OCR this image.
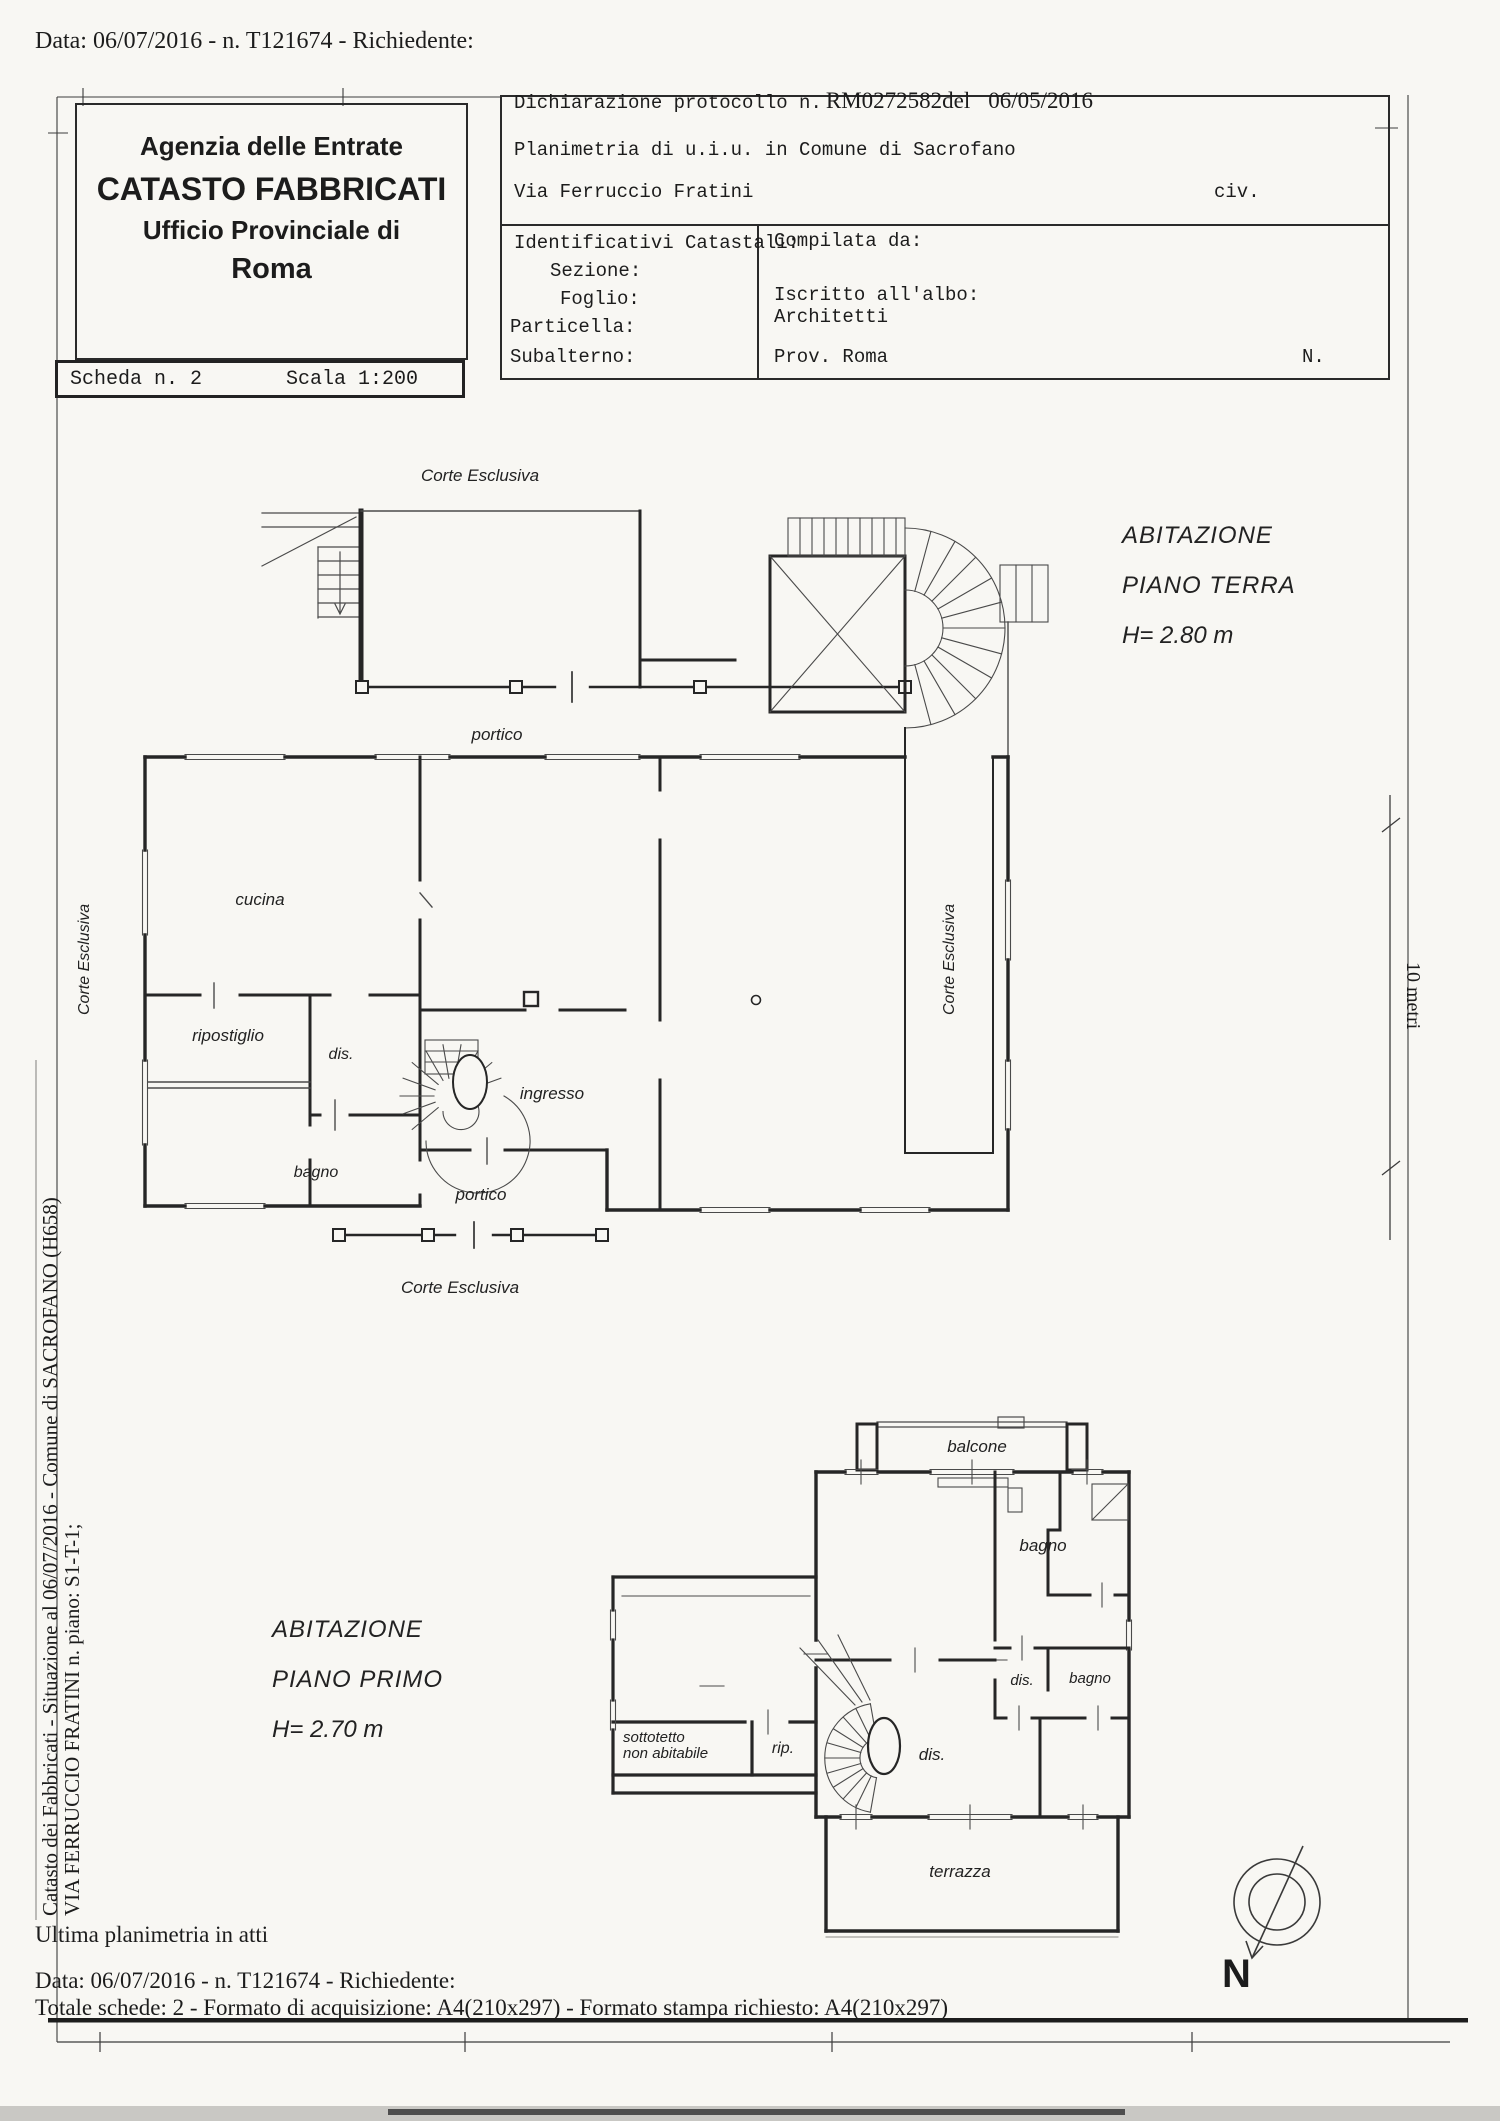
Data: 06/07/2016 - n. T121674 - Richiedente:
Agenzia delle Entrate
CATASTO FABBRICATI
Ufficio Provinciale di
Roma
Scheda n. 2	Scala 1:200
Dichiarazione protocollo n. RM0272582del 06/05/2016
Planimetria di u.i.u. in Comune di Sacrofano
Via Ferruccio Fratini	civ.
Identificativi Catastali:
Sezione:
Foglio:
Particella:
Subalterno:
Compilata da:
Iscritto all'albo:
Architetti
Prov. Roma	N.
Corte Esclusiva
ABITAZIONE
PIANO TERRA
H= 2.80 m
portico
cucina
Corte Esclusiva	Corte Esclusiva
ripostiglio
dis.
ingresso
bagno
portico
Corte Esclusiva
ABITAZIONE
PIANO PRIMO
H= 2.70 m
balcone
bagno
dis. bagno
sottotetto
non abitabile	rip.	dis.
terrazza
Catasto dei Fabbricati - Situazione al 06/07/2016 - Comune di SACROFANO (H658)
VIA FERRUCCIO FRATINI n. piano: S1-T-1;
10 metri
N
Ultima planimetria in atti
Data: 06/07/2016 - n. T121674 - Richiedente:
Totale schede: 2 - Formato di acquisizione: A4(210x297) - Formato stampa richiesto: A4(210x297)
